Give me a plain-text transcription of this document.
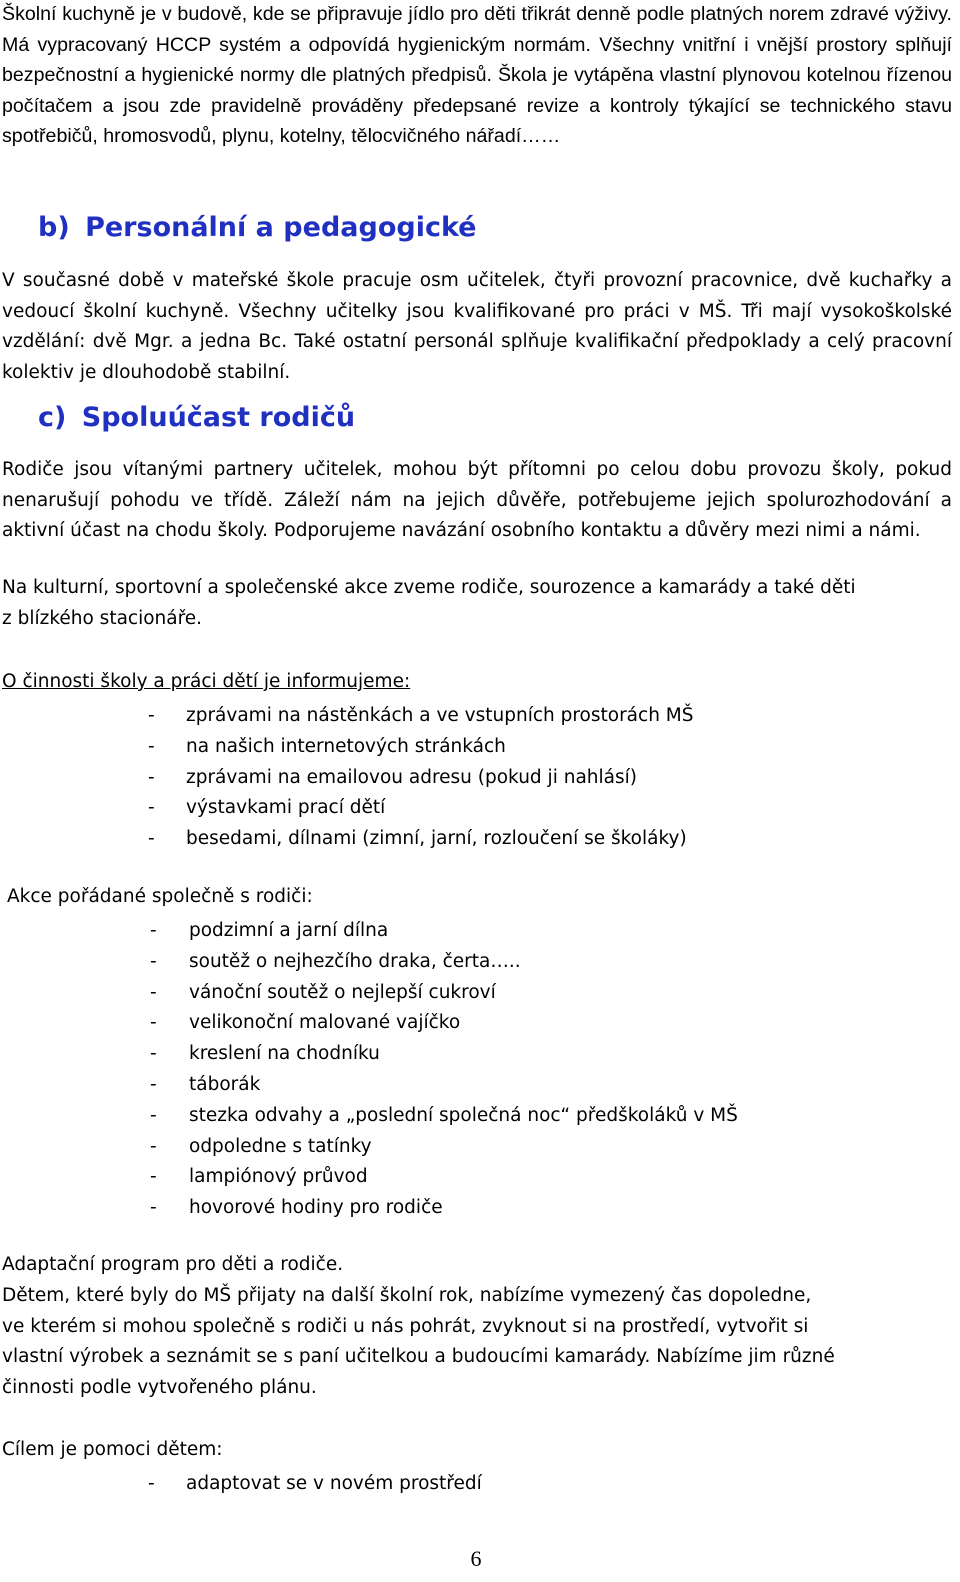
Školní kuchyně je v budově, kde se připravuje jídlo pro děti třikrát denně podle platných norem zdravé výživy. Má vypracovaný HCCP systém a odpovídá hygienickým normám. Všechny vnitřní i vnější prostory splňují bezpečnostní a hygienické normy dle platných předpisů. Škola je vytápěna vlastní plynovou kotelnou řízenou počítačem a jsou zde pravidelně prováděny předepsané revize a kontroly týkající se technického stavu spotřebičů, hromosvodů, plynu, kotelny, tělocvičného nářadí……

b) Personální a pedagogické

V současné době v mateřské škole pracuje osm učitelek, čtyři provozní pracovnice, dvě kuchařky a vedoucí školní kuchyně. Všechny učitelky jsou kvalifikované pro práci v MŠ. Tři mají vysokoškolské vzdělání: dvě Mgr. a jedna Bc. Také ostatní personál splňuje kvalifikační předpoklady a celý pracovní kolektiv je dlouhodobě stabilní.

c) Spoluúčast rodičů

Rodiče jsou vítanými partnery učitelek, mohou být přítomni po celou dobu provozu školy, pokud nenarušují pohodu ve třídě. Záleží nám na jejich důvěře, potřebujeme jejich spolurozhodování a aktivní účast na chodu školy. Podporujeme navázání osobního kontaktu a důvěry mezi nimi a námi.

Na kulturní, sportovní a společenské akce zveme rodiče, sourozence a kamarády a také děti

z blízkého stacionáře.

O činnosti školy a práci dětí je informujeme:

- zprávami na nástěnkách a ve vstupních prostorách MŠ
- na našich internetových stránkách
- zprávami na emailovou adresu (pokud ji nahlásí)
- výstavkami prací dětí
- besedami, dílnami (zimní, jarní, rozloučení se školáky)

Akce pořádané společně s rodiči:

- podzimní a jarní dílna
- soutěž o nejhezčího draka, čerta…..
- vánoční soutěž o nejlepší cukroví
- velikonoční malované vajíčko
- kreslení na chodníku
- táborák
- stezka odvahy a „poslední společná noc“ předškoláků v MŠ
- odpoledne s tatínky
- lampiónový průvod
- hovorové hodiny pro rodiče

Adaptační program pro děti a rodiče.

Dětem, které byly do MŠ přijaty na další školní rok, nabízíme vymezený čas dopoledne,

ve kterém si mohou společně s rodiči u nás pohrát, zvyknout si na prostředí, vytvořit si

vlastní výrobek a seznámit se s paní učitelkou a budoucími kamarády. Nabízíme jim různé

činnosti podle vytvořeného plánu.

Cílem je pomoci dětem:

- adaptovat se v novém prostředí

6
